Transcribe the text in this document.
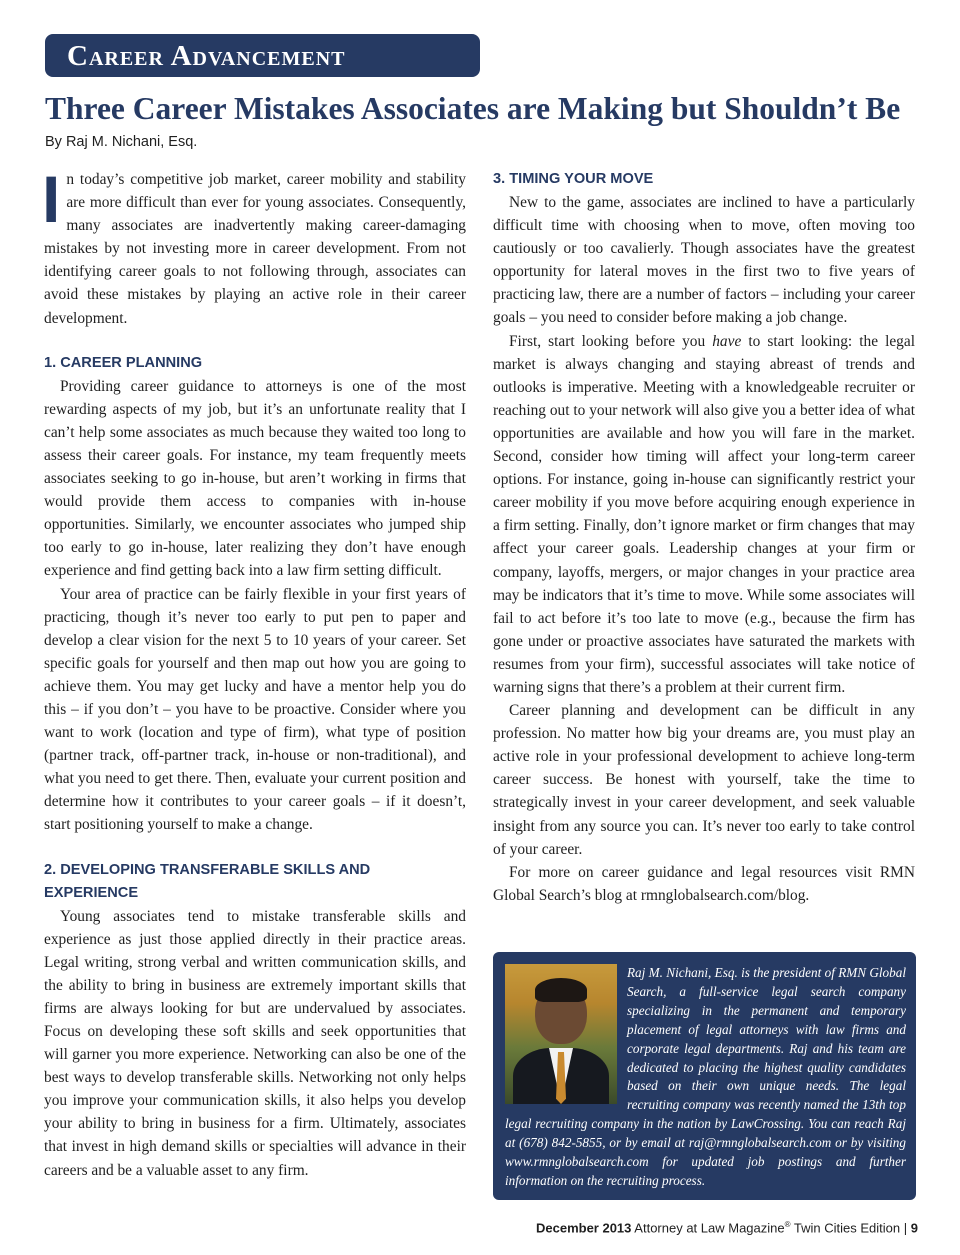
Career Advancement
Three Career Mistakes Associates are Making but Shouldn’t Be
By Raj M. Nichani, Esq.

In today’s competitive job market, career mobility and stability are more difficult than ever for young associates. Consequently, many associates are inadvertently making career-damaging mistakes by not investing more in career development. From not identifying career goals to not following through, associates can avoid these mistakes by playing an active role in their career development.

1. CAREER PLANNING

Providing career guidance to attorneys is one of the most rewarding aspects of my job, but it’s an unfortunate reality that I can’t help some associates as much because they waited too long to assess their career goals. For instance, my team frequently meets associates seeking to go in-house, but aren’t working in firms that would provide them access to companies with in-house opportunities. Similarly, we encounter associates who jumped ship too early to go in-house, later realizing they don’t have enough experience and find getting back into a law firm setting difficult.

Your area of practice can be fairly flexible in your first years of practicing, though it’s never too early to put pen to paper and develop a clear vision for the next 5 to 10 years of your career. Set specific goals for yourself and then map out how you are going to achieve them. You may get lucky and have a mentor help you do this – if you don’t – you have to be proactive. Consider where you want to work (location and type of firm), what type of position (partner track, off-partner track, in-house or non-traditional), and what you need to get there. Then, evaluate your current position and determine how it contributes to your career goals – if it doesn’t, start positioning yourself to make a change.

2. DEVELOPING TRANSFERABLE SKILLS AND EXPERIENCE

Young associates tend to mistake transferable skills and experience as just those applied directly in their practice areas. Legal writing, strong verbal and written communication skills, and the ability to bring in business are extremely important skills that firms are always looking for but are undervalued by associates. Focus on developing these soft skills and seek opportunities that will garner you more experience. Networking can also be one of the best ways to develop transferable skills. Networking not only helps you improve your communication skills, it also helps you develop your ability to bring in business for a firm. Ultimately, associates that invest in high demand skills or specialties will advance in their careers and be a valuable asset to any firm.

3. TIMING YOUR MOVE

New to the game, associates are inclined to have a particularly difficult time with choosing when to move, often moving too cautiously or too cavalierly. Though associates have the greatest opportunity for lateral moves in the first two to five years of practicing law, there are a number of factors – including your career goals – you need to consider before making a job change.

First, start looking before you have to start looking: the legal market is always changing and staying abreast of trends and outlooks is imperative. Meeting with a knowledgeable recruiter or reaching out to your network will also give you a better idea of what opportunities are available and how you will fare in the market. Second, consider how timing will affect your long-term career options. For instance, going in-house can significantly restrict your career mobility if you move before acquiring enough experience in a firm setting. Finally, don’t ignore market or firm changes that may affect your career goals. Leadership changes at your firm or company, layoffs, mergers, or major changes in your practice area may be indicators that it’s time to move. While some associates will fail to act before it’s too late to move (e.g., because the firm has gone under or proactive associates have saturated the markets with resumes from your firm), successful associates will take notice of warning signs that there’s a problem at their current firm.

Career planning and development can be difficult in any profession. No matter how big your dreams are, you must play an active role in your professional development to achieve long-term career success. Be honest with yourself, take the time to strategically invest in your career development, and seek valuable insight from any source you can. It’s never too early to take control of your career.

For more on career guidance and legal resources visit RMN Global Search’s blog at rmnglobalsearch.com/blog.

Raj M. Nichani, Esq. is the president of RMN Global Search, a full-service legal search company specializing in the permanent and temporary placement of legal attorneys with law firms and corporate legal departments. Raj and his team are dedicated to placing the highest quality candidates based on their own unique needs. The legal recruiting company was recently named the 13th top legal recruiting company in the nation by LawCrossing. You can reach Raj at (678) 842-5855, or by email at raj@rmnglobalsearch.com or by visiting www.rmnglobalsearch.com for updated job postings and further information on the recruiting process.

December 2013 Attorney at Law Magazine® Twin Cities Edition | 9
